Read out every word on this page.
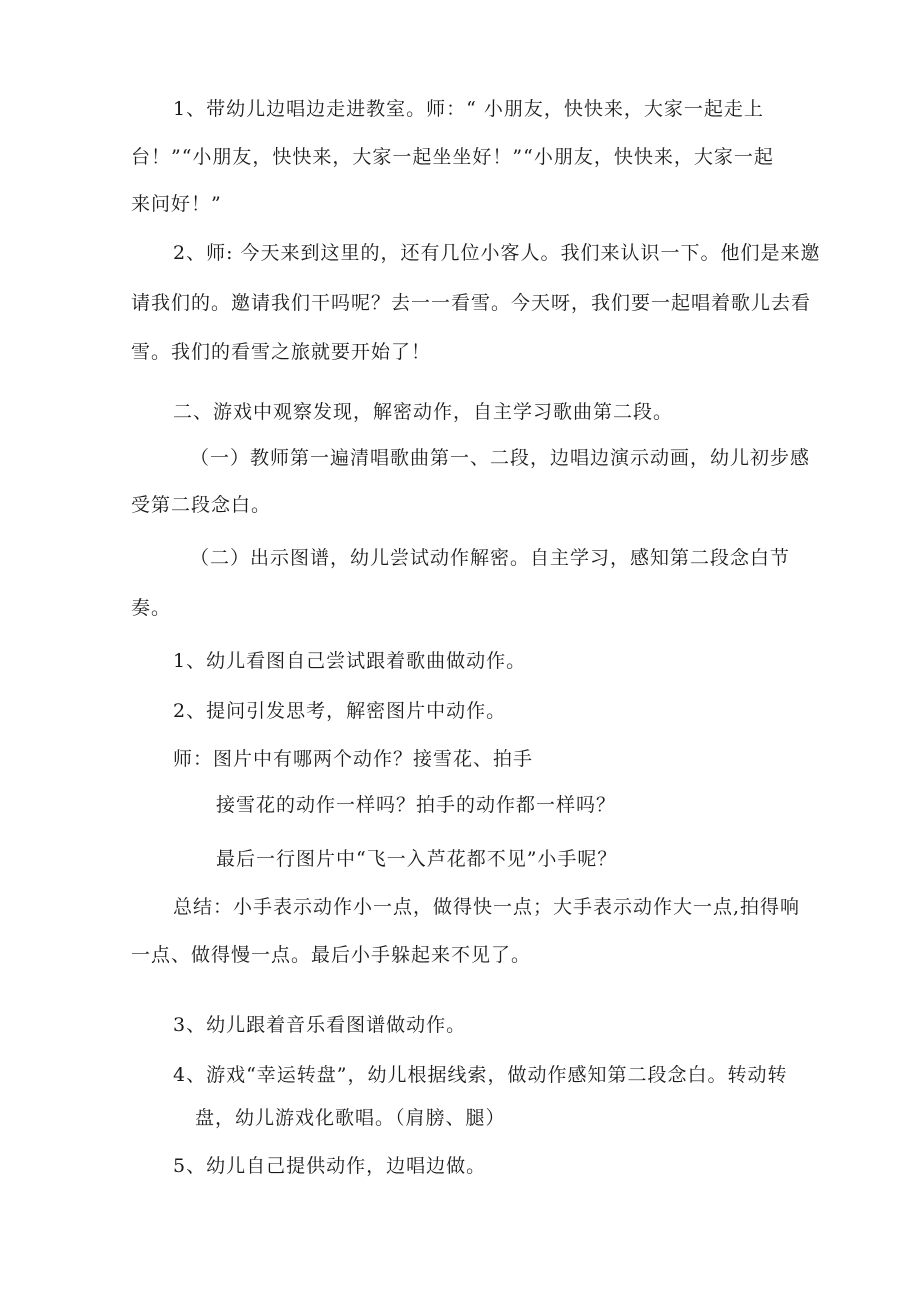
1、带幼儿边唱边走进教室。师：“ 小朋友，快快来，大家一起走上
台！”“小朋友，快快来，大家一起坐坐好！”“小朋友，快快来，大家一起
来问好！”
2、师: 今天来到这里的，还有几位小客人。我们来认识一下。他们是来邀
请我们的。邀请我们干吗呢？去一一看雪。今天呀，我们要一起唱着歌儿去看
雪。我们的看雪之旅就要开始了！
二、游戏中观察发现，解密动作，自主学习歌曲第二段。
（一）教师第一遍清唱歌曲第一、二段，边唱边演示动画，幼儿初步感
受第二段念白。
（二）出示图谱，幼儿尝试动作解密。自主学习，感知第二段念白节
奏。
1、幼儿看图自己尝试跟着歌曲做动作。
2、提问引发思考，解密图片中动作。
师：图片中有哪两个动作？接雪花、拍手
接雪花的动作一样吗？拍手的动作都一样吗？
最后一行图片中“飞一入芦花都不见”小手呢？
总结：小手表示动作小一点，做得快一点；大手表示动作大一点,拍得响
一点、做得慢一点。最后小手躲起来不见了。
3、幼儿跟着音乐看图谱做动作。
4、游戏“幸运转盘”，幼儿根据线索，做动作感知第二段念白。转动转
盘，幼儿游戏化歌唱。（肩膀、腿）
5、幼儿自己提供动作，边唱边做。
